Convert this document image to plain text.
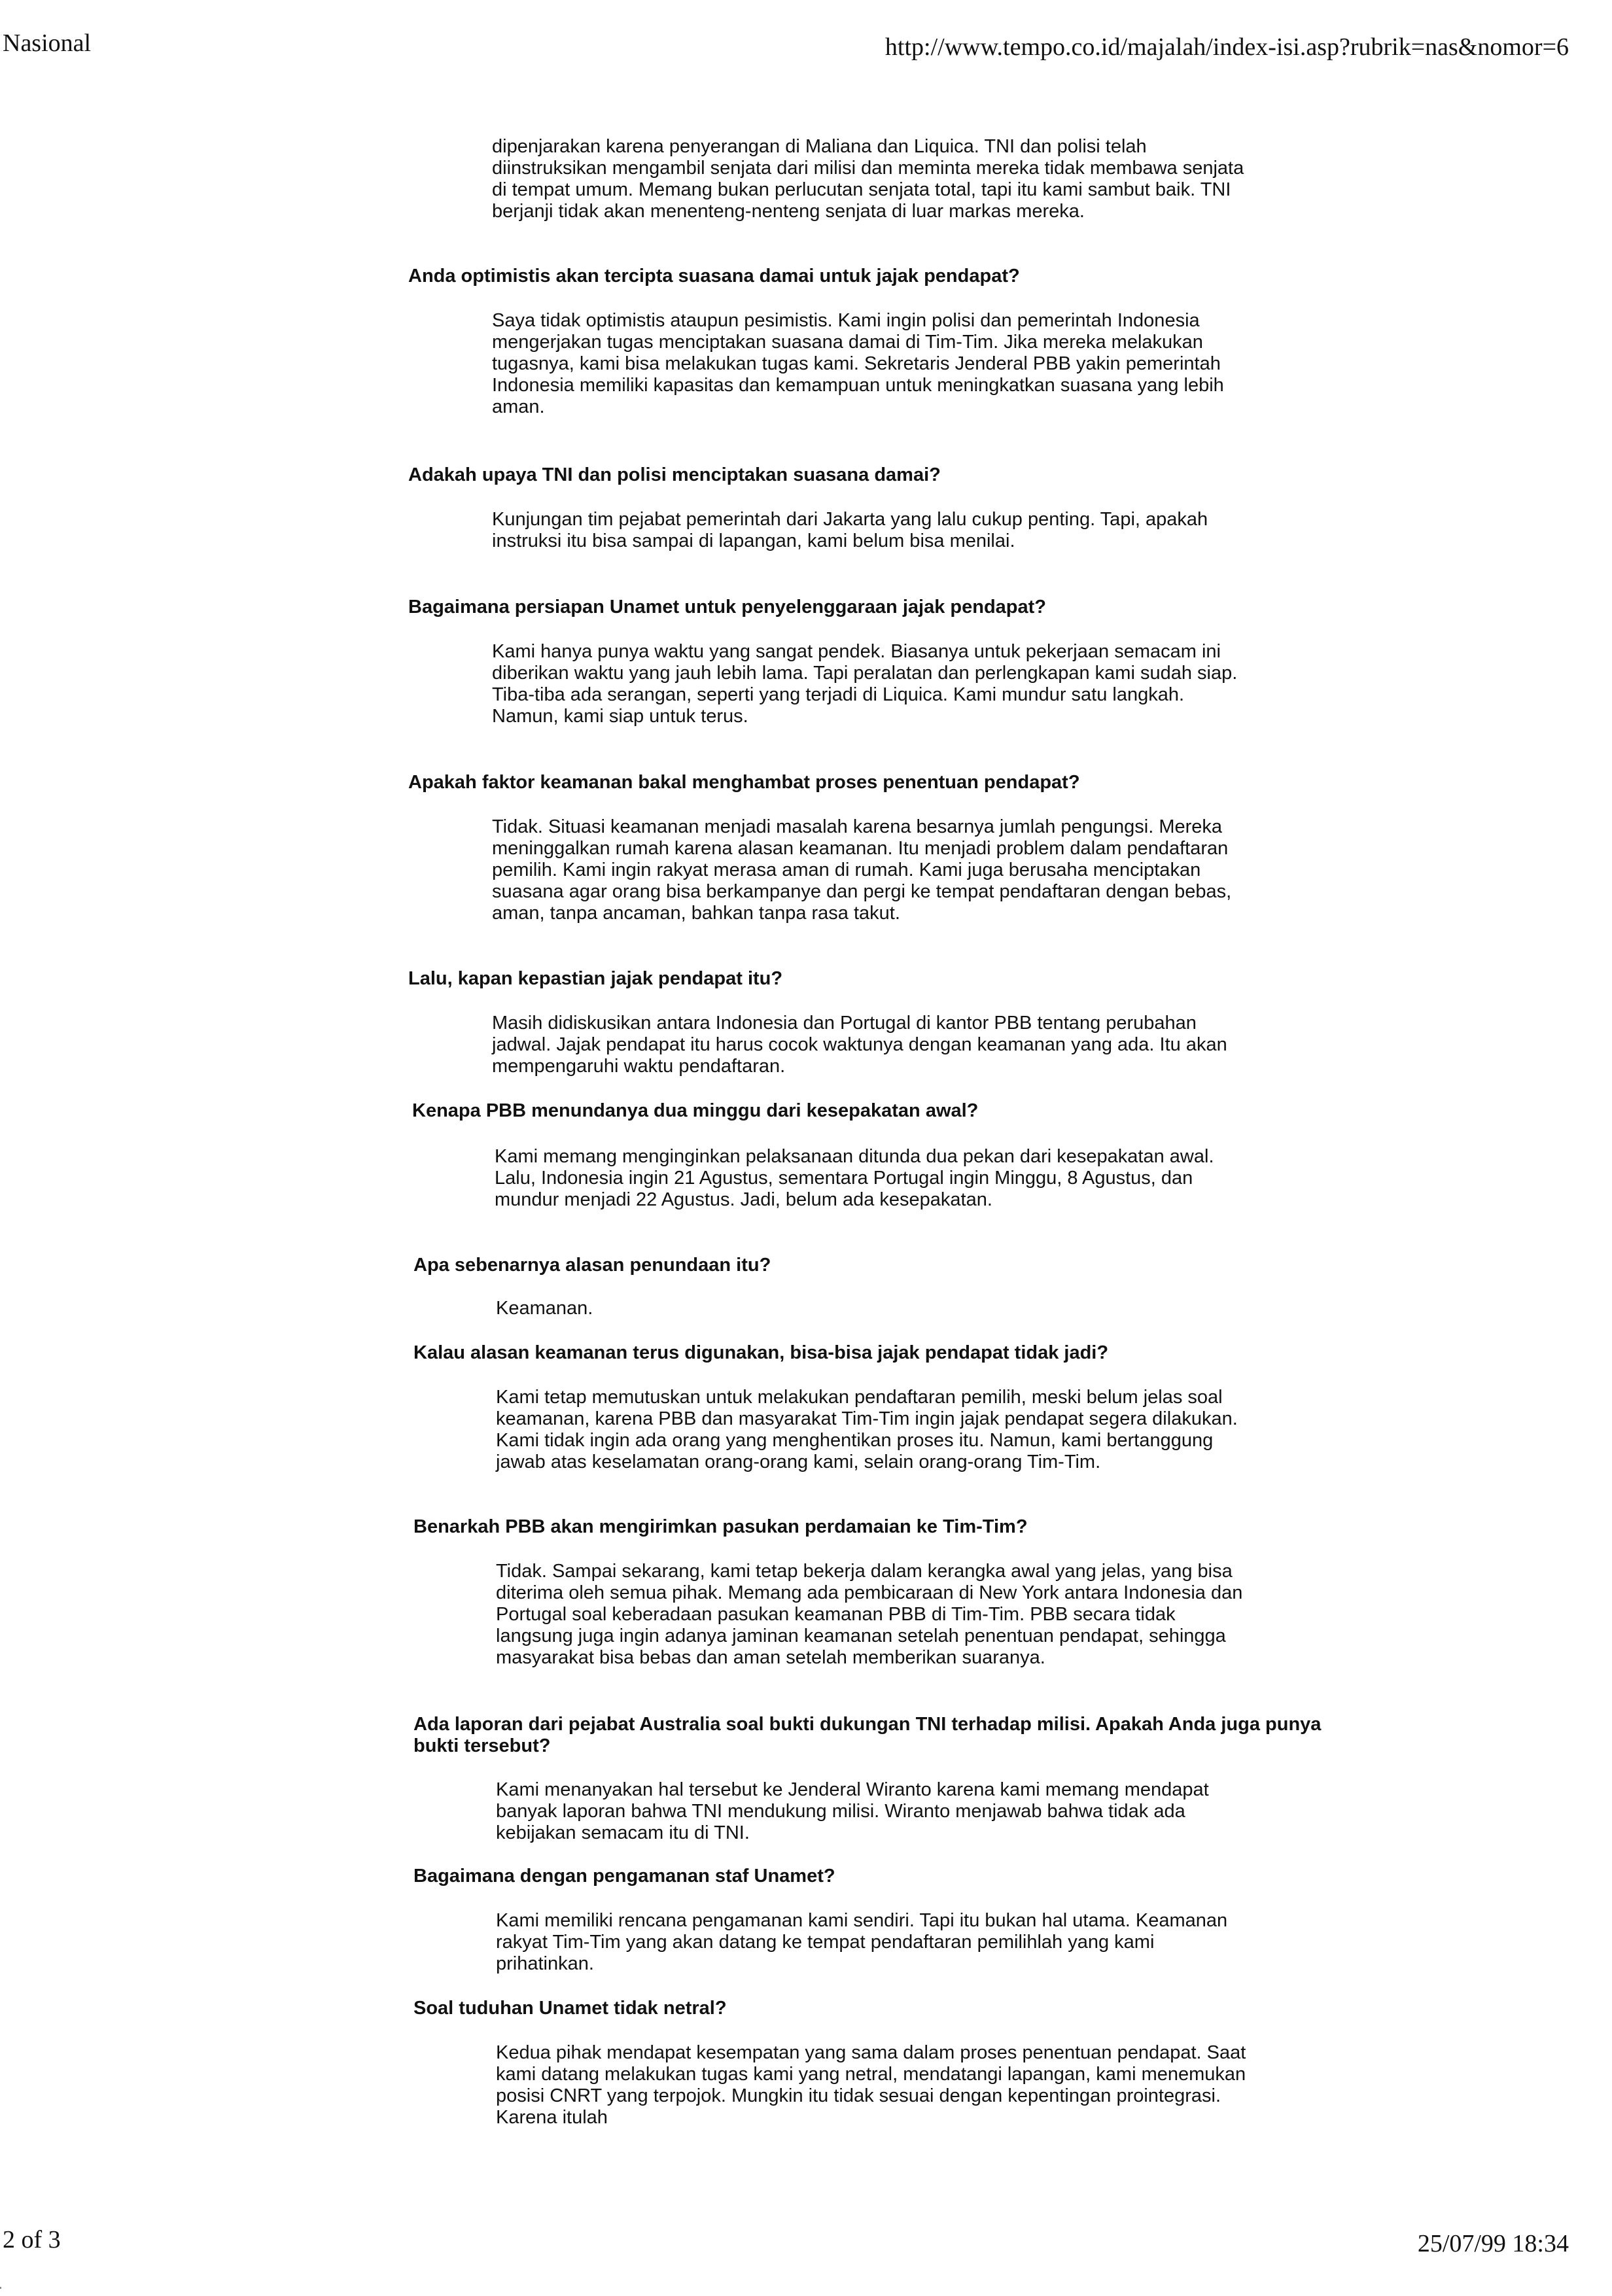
Nasional	http://www.tempo.co.id/majalah/index-isi.asp?rubrik=nas&nomor=6
dipenjarakan karena penyerangan di Maliana dan Liquica. TNI dan polisi telah diinstruksikan mengambil senjata dari milisi dan meminta mereka tidak membawa senjata di tempat umum. Memang bukan perlucutan senjata total, tapi itu kami sambut baik. TNI berjanji tidak akan menenteng-nenteng senjata di luar markas mereka.
Anda optimistis akan tercipta suasana damai untuk jajak pendapat?
Saya tidak optimistis ataupun pesimistis. Kami ingin polisi dan pemerintah Indonesia mengerjakan tugas menciptakan suasana damai di Tim-Tim. Jika mereka melakukan tugasnya, kami bisa melakukan tugas kami. Sekretaris Jenderal PBB yakin pemerintah Indonesia memiliki kapasitas dan kemampuan untuk meningkatkan suasana yang lebih aman.
Adakah upaya TNI dan polisi menciptakan suasana damai?
Kunjungan tim pejabat pemerintah dari Jakarta yang lalu cukup penting. Tapi, apakah instruksi itu bisa sampai di lapangan, kami belum bisa menilai.
Bagaimana persiapan Unamet untuk penyelenggaraan jajak pendapat?
Kami hanya punya waktu yang sangat pendek. Biasanya untuk pekerjaan semacam ini diberikan waktu yang jauh lebih lama. Tapi peralatan dan perlengkapan kami sudah siap. Tiba-tiba ada serangan, seperti yang terjadi di Liquica. Kami mundur satu langkah. Namun, kami siap untuk terus.
Apakah faktor keamanan bakal menghambat proses penentuan pendapat?
Tidak. Situasi keamanan menjadi masalah karena besarnya jumlah pengungsi. Mereka meninggalkan rumah karena alasan keamanan. Itu menjadi problem dalam pendaftaran pemilih. Kami ingin rakyat merasa aman di rumah. Kami juga berusaha menciptakan suasana agar orang bisa berkampanye dan pergi ke tempat pendaftaran dengan bebas, aman, tanpa ancaman, bahkan tanpa rasa takut.
Lalu, kapan kepastian jajak pendapat itu?
Masih didiskusikan antara Indonesia dan Portugal di kantor PBB tentang perubahan jadwal. Jajak pendapat itu harus cocok waktunya dengan keamanan yang ada. Itu akan mempengaruhi waktu pendaftaran.
Kenapa PBB menundanya dua minggu dari kesepakatan awal?
Kami memang menginginkan pelaksanaan ditunda dua pekan dari kesepakatan awal. Lalu, Indonesia ingin 21 Agustus, sementara Portugal ingin Minggu, 8 Agustus, dan mundur menjadi 22 Agustus. Jadi, belum ada kesepakatan.
Apa sebenarnya alasan penundaan itu?
Keamanan.
Kalau alasan keamanan terus digunakan, bisa-bisa jajak pendapat tidak jadi?
Kami tetap memutuskan untuk melakukan pendaftaran pemilih, meski belum jelas soal keamanan, karena PBB dan masyarakat Tim-Tim ingin jajak pendapat segera dilakukan. Kami tidak ingin ada orang yang menghentikan proses itu. Namun, kami bertanggung jawab atas keselamatan orang-orang kami, selain orang-orang Tim-Tim.
Benarkah PBB akan mengirimkan pasukan perdamaian ke Tim-Tim?
Tidak. Sampai sekarang, kami tetap bekerja dalam kerangka awal yang jelas, yang bisa diterima oleh semua pihak. Memang ada pembicaraan di New York antara Indonesia dan Portugal soal keberadaan pasukan keamanan PBB di Tim-Tim. PBB secara tidak langsung juga ingin adanya jaminan keamanan setelah penentuan pendapat, sehingga masyarakat bisa bebas dan aman setelah memberikan suaranya.
Ada laporan dari pejabat Australia soal bukti dukungan TNI terhadap milisi. Apakah Anda juga punya bukti tersebut?
Kami menanyakan hal tersebut ke Jenderal Wiranto karena kami memang mendapat banyak laporan bahwa TNI mendukung milisi. Wiranto menjawab bahwa tidak ada kebijakan semacam itu di TNI.
Bagaimana dengan pengamanan staf Unamet?
Kami memiliki rencana pengamanan kami sendiri. Tapi itu bukan hal utama. Keamanan rakyat Tim-Tim yang akan datang ke tempat pendaftaran pemilihlah yang kami prihatinkan.
Soal tuduhan Unamet tidak netral?
Kedua pihak mendapat kesempatan yang sama dalam proses penentuan pendapat. Saat kami datang melakukan tugas kami yang netral, mendatangi lapangan, kami menemukan posisi CNRT yang terpojok. Mungkin itu tidak sesuai dengan kepentingan prointegrasi. Karena itulah
2 of 3	25/07/99 18:34
